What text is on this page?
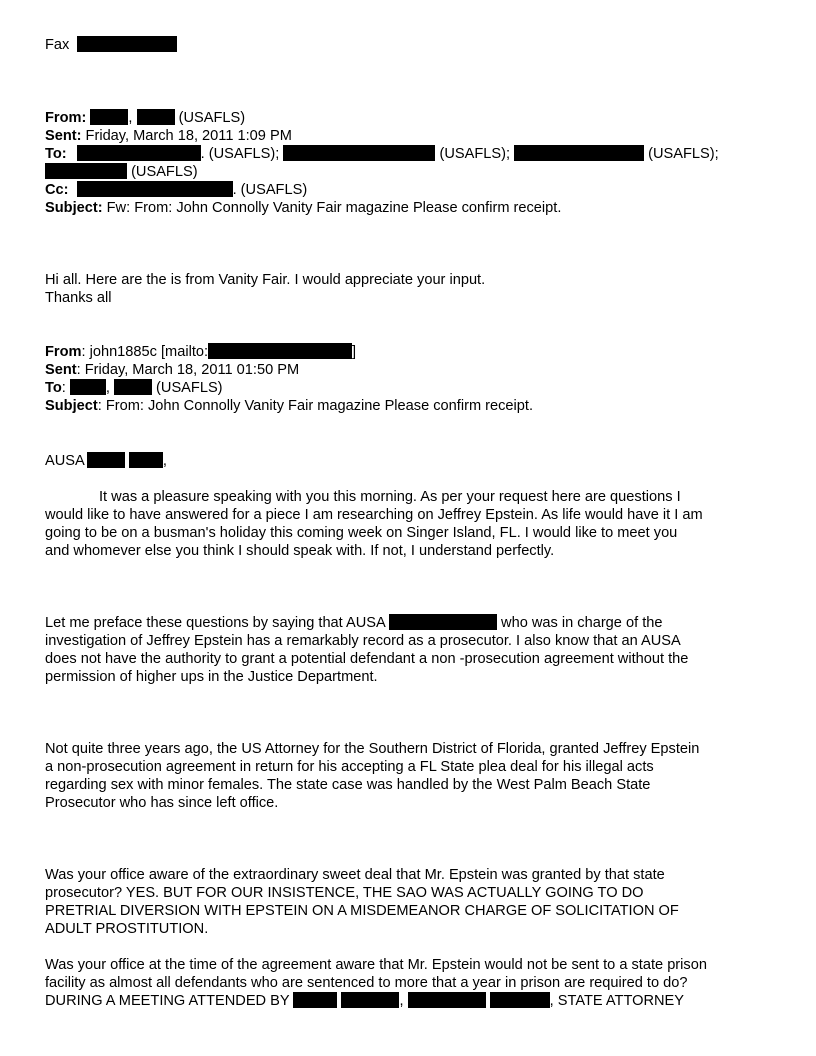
Fax
From:	,	(USAFLS)
Sent: Friday, March 18, 2011 1:09 PM
To:	. (USAFLS);	(USAFLS);	(USAFLS);
(USAFLS)
Cc:	. (USAFLS)
Subject: Fw: From: John Connolly Vanity Fair magazine Please confirm receipt.
Hi all. Here are the is from Vanity Fair. I would appreciate your input.
Thanks all
From: john1885c [mailto:	]
Sent: Friday, March 18, 2011 01:50 PM
To:	,	(USAFLS)
Subject: From: John Connolly Vanity Fair magazine Please confirm receipt.
AUSA	,
It was a pleasure speaking with you this morning. As per your request here are questions I
would like to have answered for a piece I am researching on Jeffrey Epstein. As life would have it I am
going to be on a busman's holiday this coming week on Singer Island, FL. I would like to meet you
and whomever else you think I should speak with. If not, I understand perfectly.
Let me preface these questions by saying that AUSA	who was in charge of the
investigation of Jeffrey Epstein has a remarkably record as a prosecutor. I also know that an AUSA
does not have the authority to grant a potential defendant a non -prosecution agreement without the
permission of higher ups in the Justice Department.
Not quite three years ago, the US Attorney for the Southern District of Florida, granted Jeffrey Epstein
a non-prosecution agreement in return for his accepting a FL State plea deal for his illegal acts
regarding sex with minor females. The state case was handled by the West Palm Beach State
Prosecutor who has since left office.
Was your office aware of the extraordinary sweet deal that Mr. Epstein was granted by that state
prosecutor? YES. BUT FOR OUR INSISTENCE, THE SAO WAS ACTUALLY GOING TO DO
PRETRIAL DIVERSION WITH EPSTEIN ON A MISDEMEANOR CHARGE OF SOLICITATION OF
ADULT PROSTITUTION.
Was your office at the time of the agreement aware that Mr. Epstein would not be sent to a state prison
facility as almost all defendants who are sentenced to more that a year in prison are required to do?
DURING A MEETING ATTENDED BY	,	, STATE ATTORNEY
